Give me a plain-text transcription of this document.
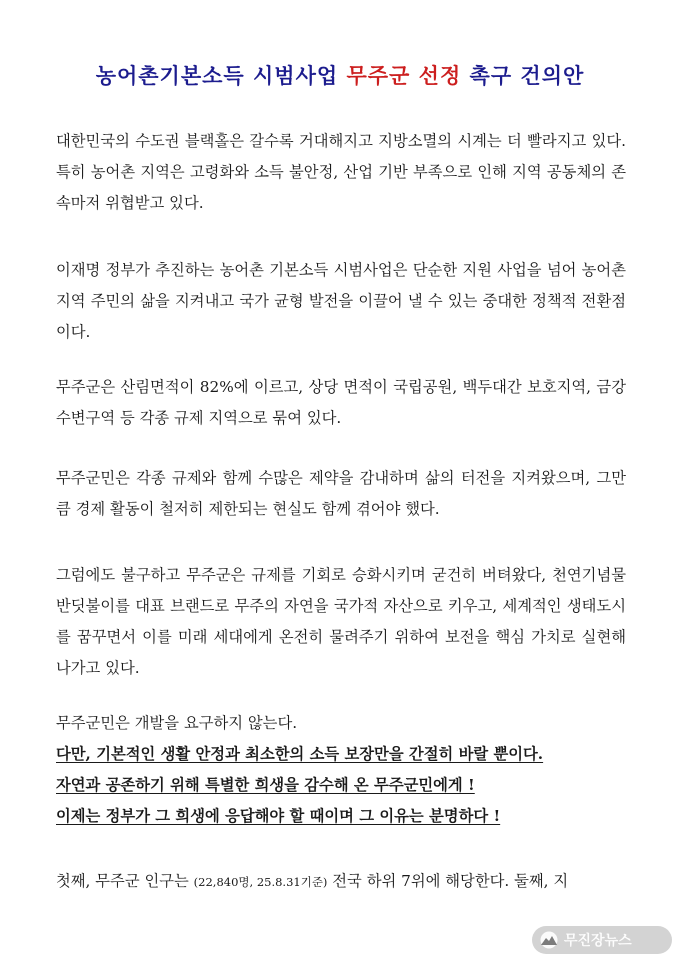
농어촌기본소득 시범사업 무주군 선정 촉구 건의안

대한민국의 수도권 블랙홀은 갈수록 거대해지고 지방소멸의 시계는 더 빨라지고 있다. 특히 농어촌 지역은 고령화와 소득 불안정, 산업 기반 부족으로 인해 지역 공동체의 존속마저 위협받고 있다.

이재명 정부가 추진하는 농어촌 기본소득 시범사업은 단순한 지원 사업을 넘어 농어촌지역 주민의 삶을 지켜내고 국가 균형 발전을 이끌어 낼 수 있는 중대한 정책적 전환점이다.

무주군은 산림면적이 82%에 이르고, 상당 면적이 국립공원, 백두대간 보호지역, 금강 수변구역 등 각종 규제 지역으로 묶여 있다.

무주군민은 각종 규제와 함께 수많은 제약을 감내하며 삶의 터전을 지켜왔으며, 그만큼 경제 활동이 철저히 제한되는 현실도 함께 겪어야 했다.

그럼에도 불구하고 무주군은 규제를 기회로 승화시키며 굳건히 버텨왔다, 천연기념물 반딧불이를 대표 브랜드로 무주의 자연을 국가적 자산으로 키우고, 세계적인 생태도시를 꿈꾸면서 이를 미래 세대에게 온전히 물려주기 위하여 보전을 핵심 가치로 실현해 나가고 있다.

무주군민은 개발을 요구하지 않는다.
다만, 기본적인 생활 안정과 최소한의 소득 보장만을 간절히 바랄 뿐이다.
자연과 공존하기 위해 특별한 희생을 감수해 온 무주군민에게 !
이제는 정부가 그 희생에 응답해야 할 때이며 그 이유는 분명하다 !

첫째, 무주군 인구는 (22,840명, 25.8.31기준) 전국 하위 7위에 해당한다. 둘째, 지

무진장뉴스
